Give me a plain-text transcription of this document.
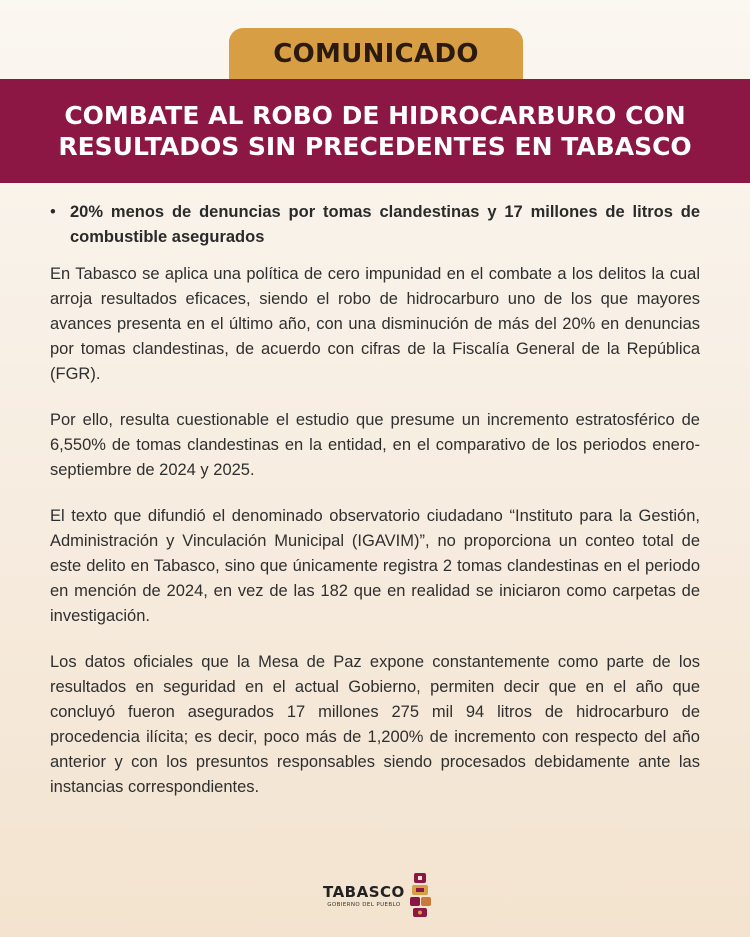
COMUNICADO
COMBATE AL ROBO DE HIDROCARBURO CON RESULTADOS SIN PRECEDENTES EN TABASCO
• 20% menos de denuncias por tomas clandestinas y 17 millones de litros de combustible asegurados

En Tabasco se aplica una política de cero impunidad en el combate a los delitos la cual arroja resultados eficaces, siendo el robo de hidrocarburo uno de los que mayores avances presenta en el último año, con una disminución de más del 20% en denuncias por tomas clandestinas, de acuerdo con cifras de la Fiscalía General de la República (FGR).

Por ello, resulta cuestionable el estudio que presume un incremento estratosférico de 6,550% de tomas clandestinas en la entidad, en el comparativo de los periodos enero-septiembre de 2024 y 2025.

El texto que difundió el denominado observatorio ciudadano “Instituto para la Gestión, Administración y Vinculación Municipal (IGAVIM)”, no proporciona un conteo total de este delito en Tabasco, sino que únicamente registra 2 tomas clandestinas en el periodo en mención de 2024, en vez de las 182 que en realidad se iniciaron como carpetas de investigación.

Los datos oficiales que la Mesa de Paz expone constantemente como parte de los resultados en seguridad en el actual Gobierno, permiten decir que en el año que concluyó fueron asegurados 17 millones 275 mil 94 litros de hidrocarburo de procedencia ilícita; es decir, poco más de 1,200% de incremento con respecto del año anterior y con los presuntos responsables siendo procesados debidamente ante las instancias correspondientes.

TABASCO
GOBIERNO DEL PUEBLO
